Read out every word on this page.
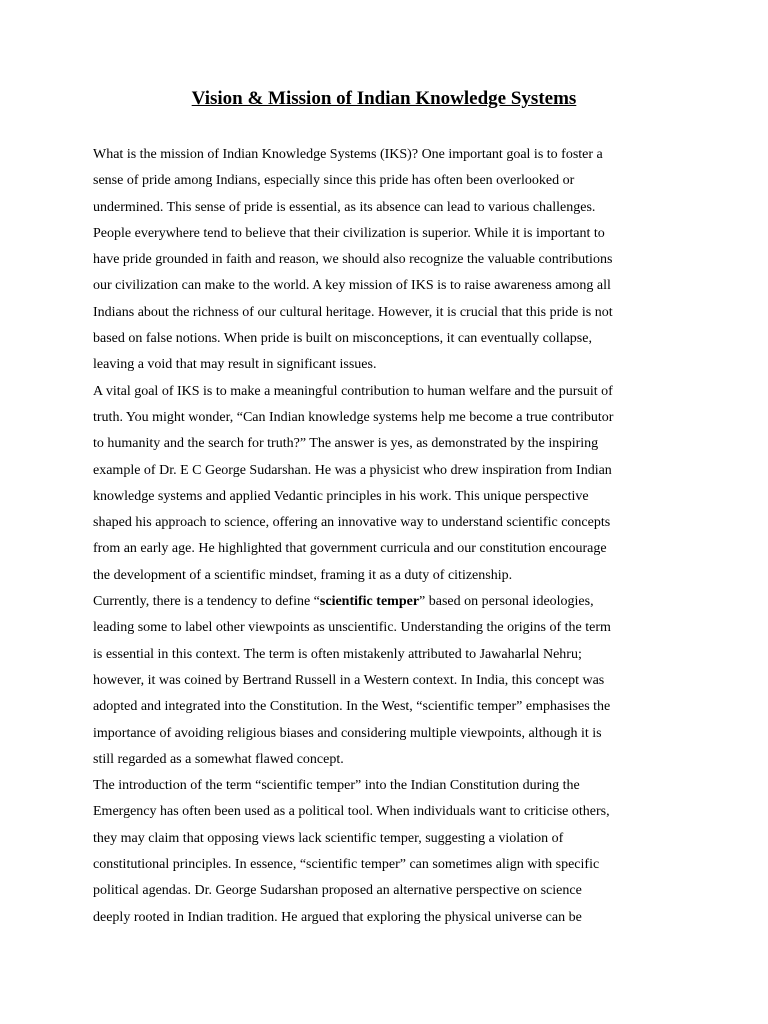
Vision & Mission of Indian Knowledge Systems

What is the mission of Indian Knowledge Systems (IKS)? One important goal is to foster a
sense of pride among Indians, especially since this pride has often been overlooked or
undermined. This sense of pride is essential, as its absence can lead to various challenges.
People everywhere tend to believe that their civilization is superior. While it is important to
have pride grounded in faith and reason, we should also recognize the valuable contributions
our civilization can make to the world. A key mission of IKS is to raise awareness among all
Indians about the richness of our cultural heritage. However, it is crucial that this pride is not
based on false notions. When pride is built on misconceptions, it can eventually collapse,
leaving a void that may result in significant issues.

A vital goal of IKS is to make a meaningful contribution to human welfare and the pursuit of
truth. You might wonder, “Can Indian knowledge systems help me become a true contributor
to humanity and the search for truth?” The answer is yes, as demonstrated by the inspiring
example of Dr. E C George Sudarshan. He was a physicist who drew inspiration from Indian
knowledge systems and applied Vedantic principles in his work. This unique perspective
shaped his approach to science, offering an innovative way to understand scientific concepts
from an early age. He highlighted that government curricula and our constitution encourage
the development of a scientific mindset, framing it as a duty of citizenship.

Currently, there is a tendency to define “scientific temper” based on personal ideologies,
leading some to label other viewpoints as unscientific. Understanding the origins of the term
is essential in this context. The term is often mistakenly attributed to Jawaharlal Nehru;
however, it was coined by Bertrand Russell in a Western context. In India, this concept was
adopted and integrated into the Constitution. In the West, “scientific temper” emphasises the
importance of avoiding religious biases and considering multiple viewpoints, although it is
still regarded as a somewhat flawed concept.

The introduction of the term “scientific temper” into the Indian Constitution during the
Emergency has often been used as a political tool. When individuals want to criticise others,
they may claim that opposing views lack scientific temper, suggesting a violation of
constitutional principles. In essence, “scientific temper” can sometimes align with specific
political agendas. Dr. George Sudarshan proposed an alternative perspective on science
deeply rooted in Indian tradition. He argued that exploring the physical universe can be
